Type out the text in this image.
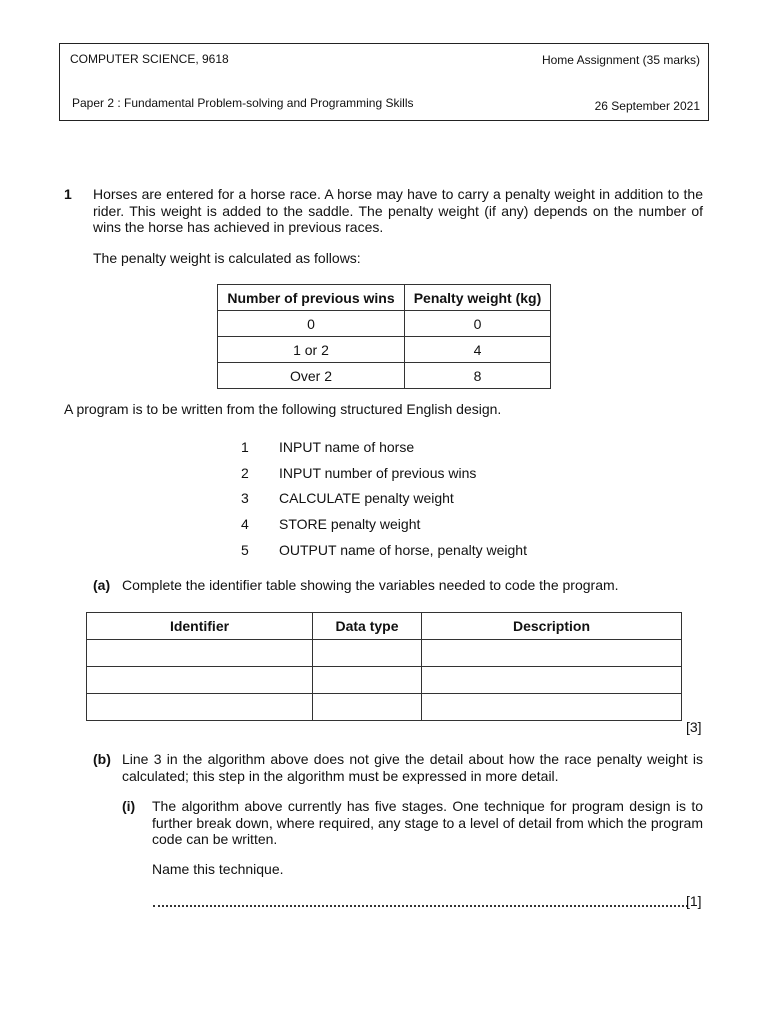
COMPUTER SCIENCE, 9618	Home Assignment (35 marks)
Paper 2 : Fundamental Problem-solving and Programming Skills	26 September 2021
1 Horses are entered for a horse race. A horse may have to carry a penalty weight in addition to the rider. This weight is added to the saddle. The penalty weight (if any) depends on the number of wins the horse has achieved in previous races.
The penalty weight is calculated as follows:
Number of previous wins	Penalty weight (kg)
0	0
1 or 2	4
Over 2	8
A program is to be written from the following structured English design.
1 INPUT name of horse
2 INPUT number of previous wins
3 CALCULATE penalty weight
4 STORE penalty weight
5 OUTPUT name of horse, penalty weight
(a) Complete the identifier table showing the variables needed to code the program.
Identifier	Data type	Description

[3]
(b) Line 3 in the algorithm above does not give the detail about how the race penalty weight is calculated; this step in the algorithm must be expressed in more detail.
(i) The algorithm above currently has five stages. One technique for program design is to further break down, where required, any stage to a level of detail from which the program code can be written.
Name this technique.
[1]
